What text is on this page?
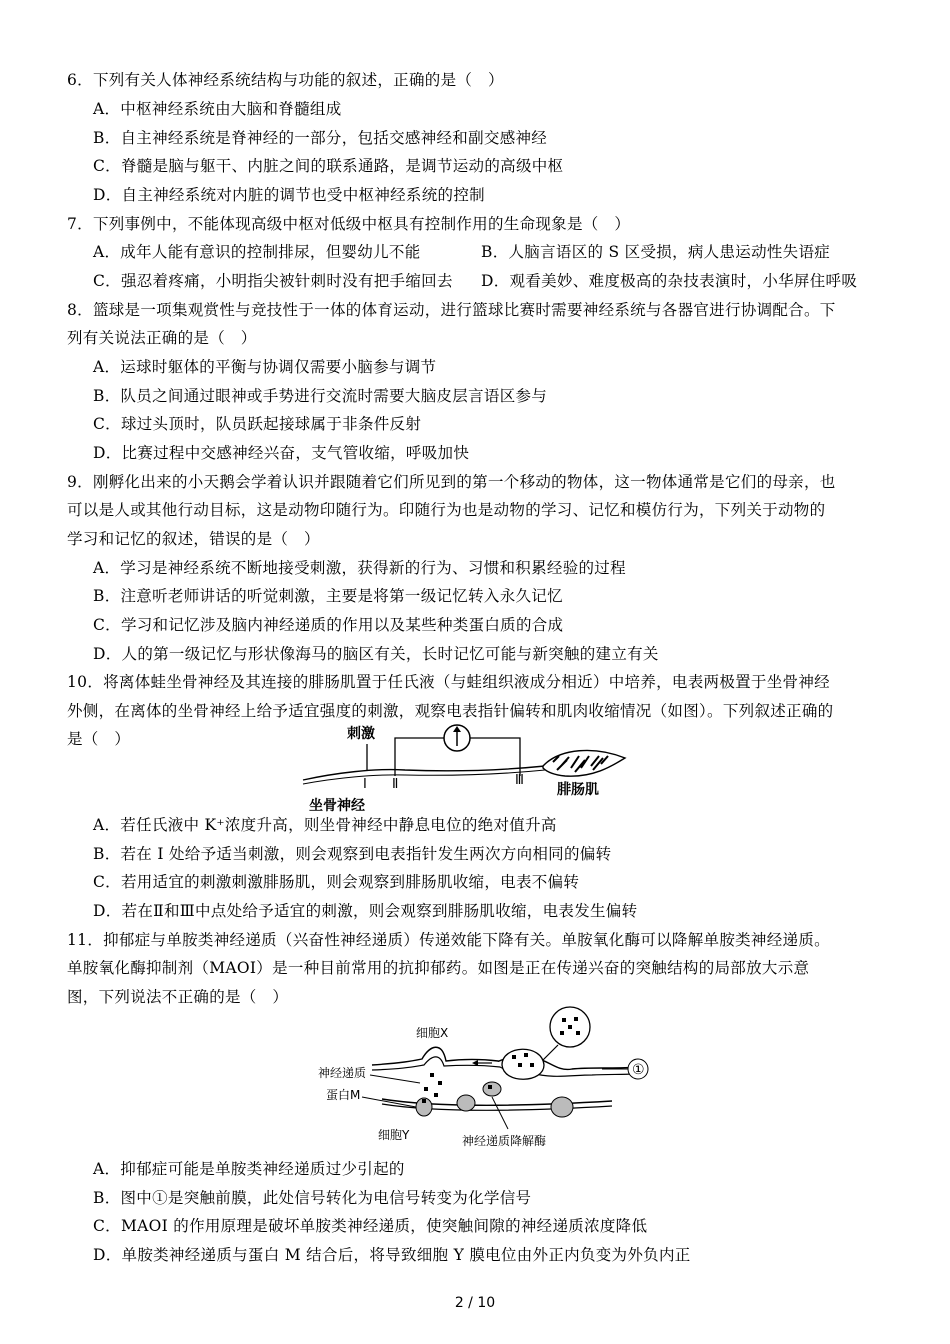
6．下列有关人体神经系统结构与功能的叙述，正确的是（　）
A．中枢神经系统由大脑和脊髓组成
B．自主神经系统是脊神经的一部分，包括交感神经和副交感神经
C．脊髓是脑与躯干、内脏之间的联系通路，是调节运动的高级中枢
D．自主神经系统对内脏的调节也受中枢神经系统的控制
7．下列事例中，不能体现高级中枢对低级中枢具有控制作用的生命现象是（　）
A．成年人能有意识的控制排尿，但婴幼儿不能	B．人脑言语区的 S 区受损，病人患运动性失语症
C．强忍着疼痛，小明指尖被针刺时没有把手缩回去 D．观看美妙、难度极高的杂技表演时，小华屏住呼吸
8．篮球是一项集观赏性与竞技性于一体的体育运动，进行篮球比赛时需要神经系统与各器官进行协调配合。下
列有关说法正确的是（　）
A．运球时躯体的平衡与协调仅需要小脑参与调节
B．队员之间通过眼神或手势进行交流时需要大脑皮层言语区参与
C．球过头顶时，队员跃起接球属于非条件反射
D．比赛过程中交感神经兴奋，支气管收缩，呼吸加快
9．刚孵化出来的小天鹅会学着认识并跟随着它们所见到的第一个移动的物体，这一物体通常是它们的母亲，也
可以是人或其他行动目标，这是动物印随行为。印随行为也是动物的学习、记忆和模仿行为，下列关于动物的
学习和记忆的叙述，错误的是（　）
A．学习是神经系统不断地接受刺激，获得新的行为、习惯和积累经验的过程
B．注意听老师讲话的听觉刺激，主要是将第一级记忆转入永久记忆
C．学习和记忆涉及脑内神经递质的作用以及某些种类蛋白质的合成
D．人的第一级记忆与形状像海马的脑区有关，长时记忆可能与新突触的建立有关
10．将离体蛙坐骨神经及其连接的腓肠肌置于任氏液（与蛙组织液成分相近）中培养，电表两极置于坐骨神经
外侧，在离体的坐骨神经上给予适宜强度的刺激，观察电表指针偏转和肌肉收缩情况（如图）。下列叙述正确的
是（　）	刺激
腓肠肌
I Ⅱ	Ⅲ
坐骨神经
A．若任氏液中 K⁺浓度升高，则坐骨神经中静息电位的绝对值升高
B．若在 I 处给予适当刺激，则会观察到电表指针发生两次方向相同的偏转
C．若用适宜的刺激刺激腓肠肌，则会观察到腓肠肌收缩，电表不偏转
D．若在Ⅱ和Ⅲ中点处给予适宜的刺激，则会观察到腓肠肌收缩，电表发生偏转
11．抑郁症与单胺类神经递质（兴奋性神经递质）传递效能下降有关。单胺氧化酶可以降解单胺类神经递质。
单胺氧化酶抑制剂（MAOI）是一种目前常用的抗抑郁药。如图是正在传递兴奋的突触结构的局部放大示意
图，下列说法不正确的是（　）
细胞X
①
神经递质
蛋白M
细胞Y	神经递质降解酶
A．抑郁症可能是单胺类神经递质过少引起的
B．图中①是突触前膜，此处信号转化为电信号转变为化学信号
C．MAOI 的作用原理是破坏单胺类神经递质，使突触间隙的神经递质浓度降低
D．单胺类神经递质与蛋白 M 结合后，将导致细胞 Y 膜电位由外正内负变为外负内正
2 / 10
